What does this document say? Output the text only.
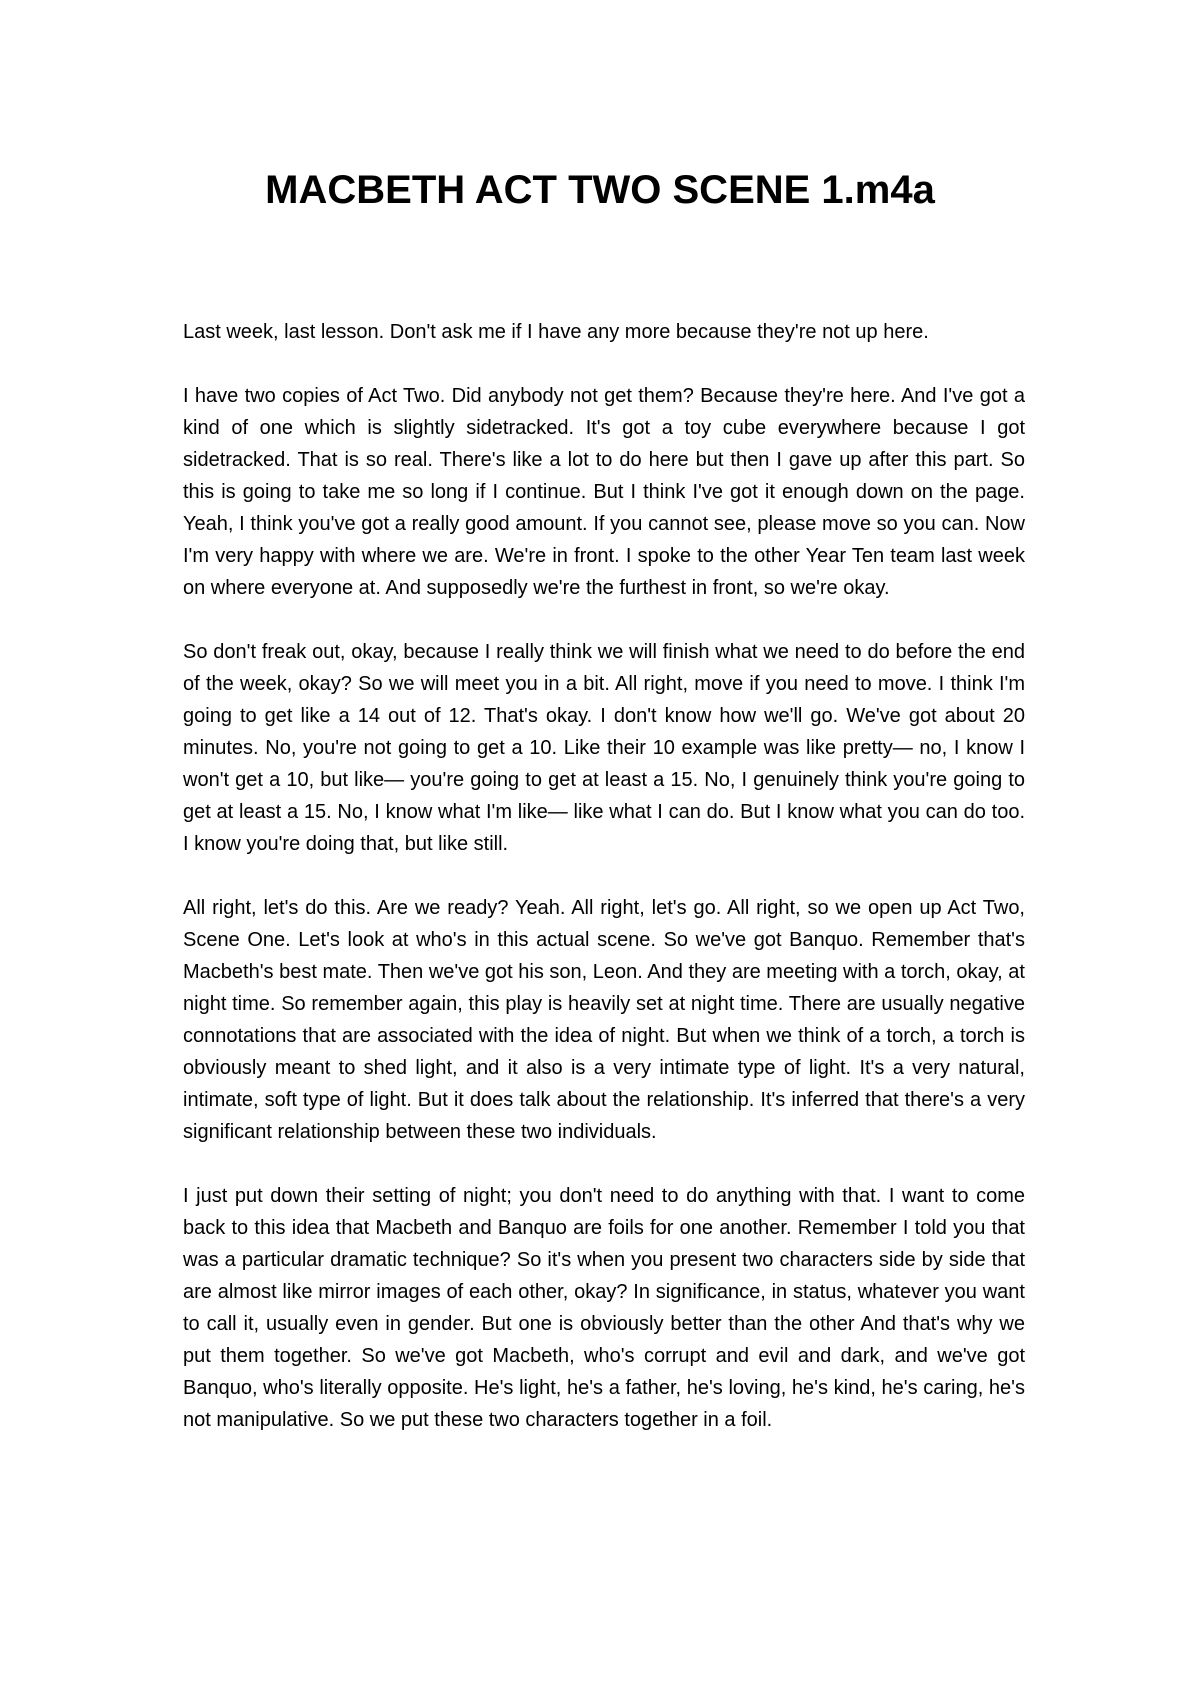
MACBETH ACT TWO SCENE 1.m4a

Last week, last lesson. Don't ask me if I have any more because they're not up here.

I have two copies of Act Two. Did anybody not get them? Because they're here. And I've got a kind of one which is slightly sidetracked. It's got a toy cube everywhere because I got sidetracked. That is so real. There's like a lot to do here but then I gave up after this part. So this is going to take me so long if I continue. But I think I've got it enough down on the page. Yeah, I think you've got a really good amount. If you cannot see, please move so you can. Now I'm very happy with where we are. We're in front. I spoke to the other Year Ten team last week on where everyone at. And supposedly we're the furthest in front, so we're okay.

So don't freak out, okay, because I really think we will finish what we need to do before the end of the week, okay? So we will meet you in a bit. All right, move if you need to move. I think I'm going to get like a 14 out of 12. That's okay. I don't know how we'll go. We've got about 20 minutes. No, you're not going to get a 10. Like their 10 example was like pretty— no, I know I won't get a 10, but like— you're going to get at least a 15. No, I genuinely think you're going to get at least a 15. No, I know what I'm like— like what I can do. But I know what you can do too. I know you're doing that, but like still.

All right, let's do this. Are we ready? Yeah. All right, let's go. All right, so we open up Act Two, Scene One. Let's look at who's in this actual scene. So we've got Banquo. Remember that's Macbeth's best mate. Then we've got his son, Leon. And they are meeting with a torch, okay, at night time. So remember again, this play is heavily set at night time. There are usually negative connotations that are associated with the idea of night. But when we think of a torch, a torch is obviously meant to shed light, and it also is a very intimate type of light. It's a very natural, intimate, soft type of light. But it does talk about the relationship. It's inferred that there's a very significant relationship between these two individuals.

I just put down their setting of night; you don't need to do anything with that. I want to come back to this idea that Macbeth and Banquo are foils for one another. Remember I told you that was a particular dramatic technique? So it's when you present two characters side by side that are almost like mirror images of each other, okay? In significance, in status, whatever you want to call it, usually even in gender. But one is obviously better than the other And that's why we put them together. So we've got Macbeth, who's corrupt and evil and dark, and we've got Banquo, who's literally opposite. He's light, he's a father, he's loving, he's kind, he's caring, he's not manipulative. So we put these two characters together in a foil.
